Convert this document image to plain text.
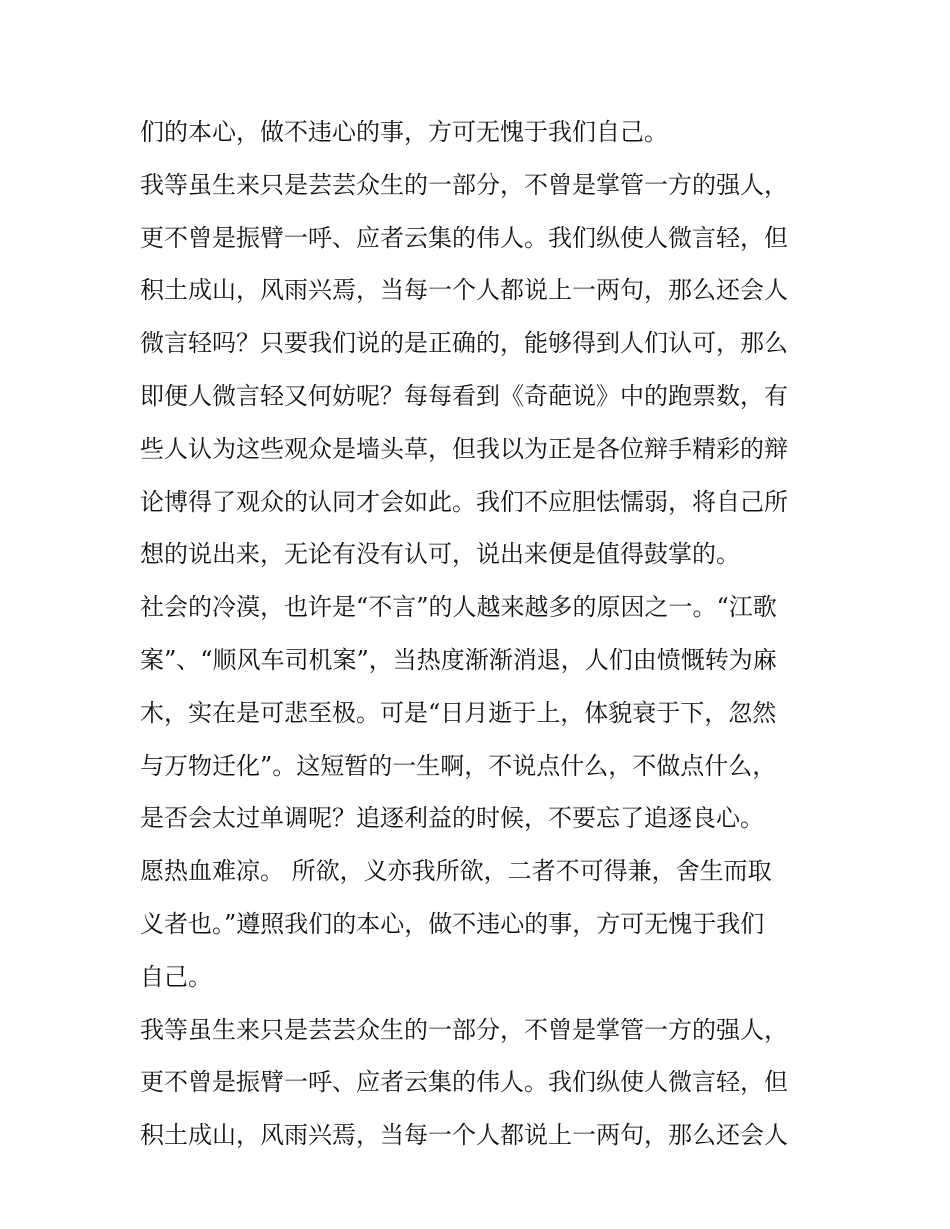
们的本心，做不违心的事，方可无愧于我们自己。
我等虽生来只是芸芸众生的一部分，不曾是掌管一方的强人，
更不曾是振臂一呼、应者云集的伟人。我们纵使人微言轻，但
积土成山，风雨兴焉，当每一个人都说上一两句，那么还会人
微言轻吗？只要我们说的是正确的，能够得到人们认可，那么
即便人微言轻又何妨呢？每每看到《奇葩说》中的跑票数，有
些人认为这些观众是墙头草，但我以为正是各位辩手精彩的辩
论博得了观众的认同才会如此。我们不应胆怯懦弱，将自己所
想的说出来，无论有没有认可，说出来便是值得鼓掌的。
社会的冷漠，也许是“不言”的人越来越多的原因之一。“江歌
案”、“顺风车司机案”，当热度渐渐消退，人们由愤慨转为麻
木，实在是可悲至极。可是“日月逝于上，体貌衰于下，忽然
与万物迁化”。这短暂的一生啊，不说点什么，不做点什么，
是否会太过单调呢？追逐利益的时候，不要忘了追逐良心。
愿热血难凉。 所欲，义亦我所欲，二者不可得兼，舍生而取
义者也。”遵照我们的本心，做不违心的事，方可无愧于我们
自己。
我等虽生来只是芸芸众生的一部分，不曾是掌管一方的强人，
更不曾是振臂一呼、应者云集的伟人。我们纵使人微言轻，但
积土成山，风雨兴焉，当每一个人都说上一两句，那么还会人
